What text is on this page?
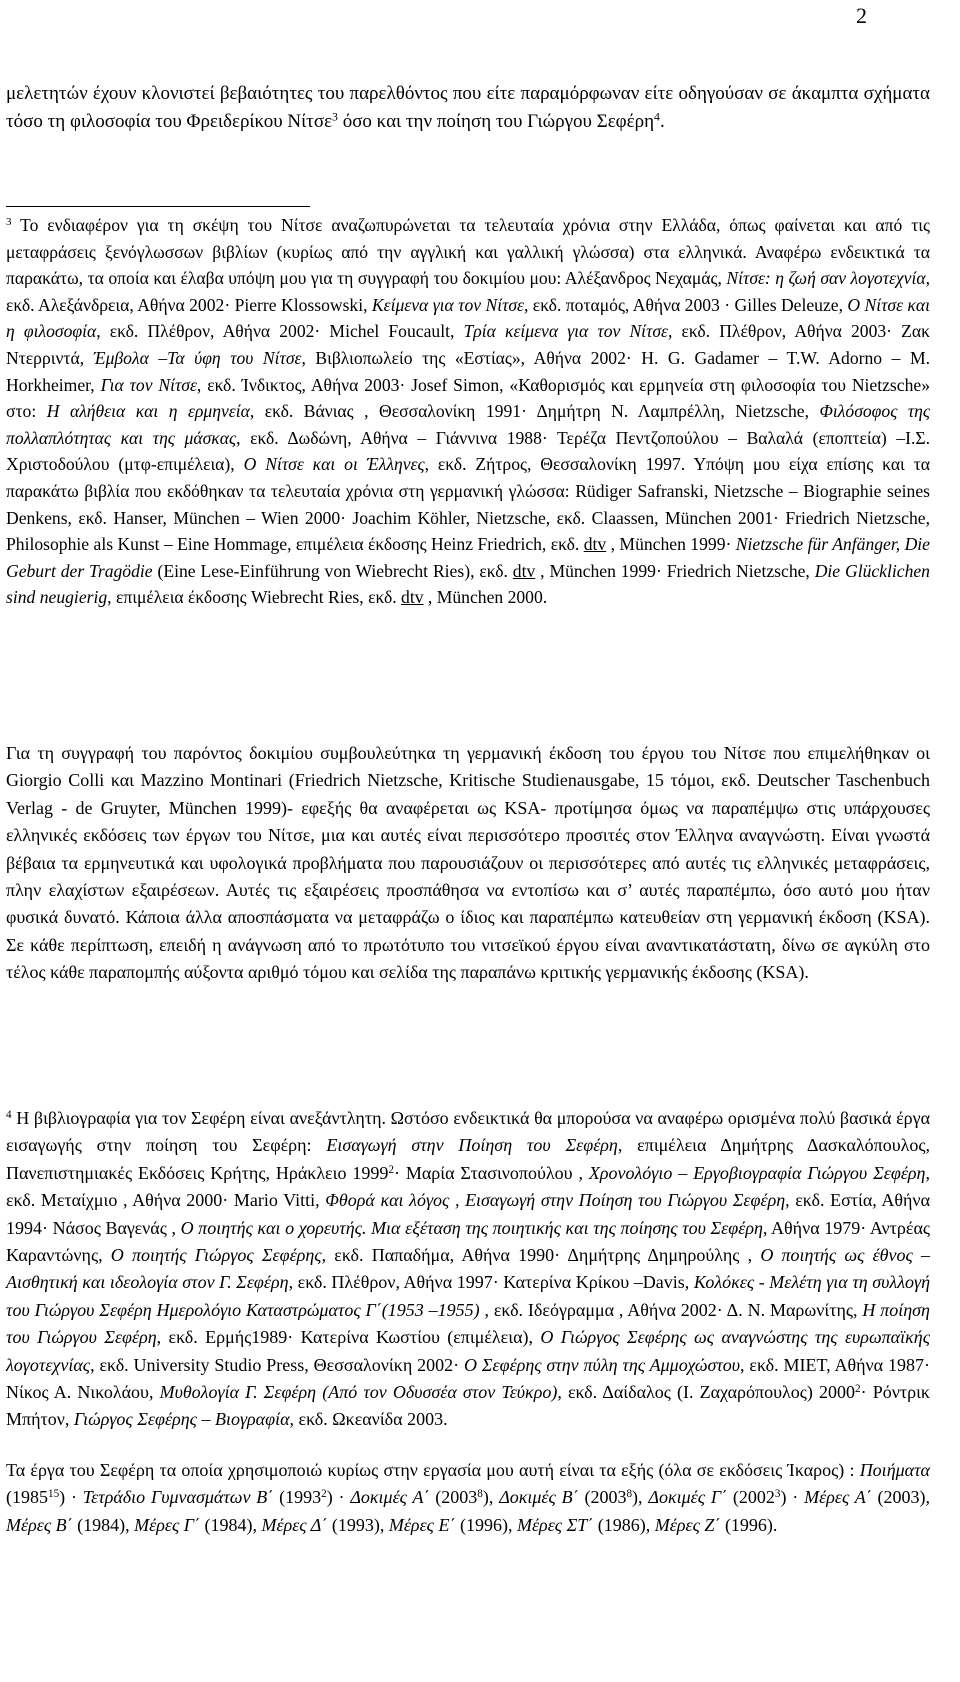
2

μελετητών έχουν κλονιστεί βεβαιότητες του παρελθόντος που είτε παραμόρφωναν είτε οδηγούσαν σε άκαμπτα σχήματα τόσο τη φιλοσοφία του Φρειδερίκου Νίτσε$^3$ όσο και την ποίηση του Γιώργου Σεφέρη$^4$.

$^3$ Το ενδιαφέρον για τη σκέψη του Νίτσε αναζωπυρώνεται τα τελευταία χρόνια στην Ελλάδα, όπως φαίνεται και από τις μεταφράσεις ξενόγλωσσων βιβλίων (κυρίως από την αγγλική και γαλλική γλώσσα) στα ελληνικά. Αναφέρω ενδεικτικά τα παρακάτω, τα οποία και έλαβα υπόψη μου για τη συγγραφή του δοκιμίου μου: Αλέξανδρος Νεχαμάς, Νίτσε: η ζωή σαν λογοτεχνία, εκδ. Αλεξάνδρεια, Αθήνα 2002· Pierre Klossowski, Κείμενα για τον Νίτσε, εκδ. ποταμός, Αθήνα 2003 · Gilles Deleuze, Ο Νίτσε και η φιλοσοφία, εκδ. Πλέθρον, Αθήνα 2002· Michel Foucault, Τρία κείμενα για τον Νίτσε, εκδ. Πλέθρον, Αθήνα 2003· Ζακ Ντερριντά, Έμβολα –Τα ύφη του Νίτσε, Βιβλιοπωλείο της «Εστίας», Αθήνα 2002· H. G. Gadamer – T.W. Adorno – M. Horkheimer, Για τον Νίτσε, εκδ. Ίνδικτος, Αθήνα 2003· Josef Simon, «Καθορισμός και ερμηνεία στη φιλοσοφία του Nietzsche» στο: Η αλήθεια και η ερμηνεία, εκδ. Βάνιας , Θεσσαλονίκη 1991· Δημήτρη Ν. Λαμπρέλλη, Nietzsche, Φιλόσοφος της πολλαπλότητας και της μάσκας, εκδ. Δωδώνη, Αθήνα – Γιάννινα 1988· Τερέζα Πεντζοπούλου – Βαλαλά (εποπτεία) –Ι.Σ. Χριστοδούλου (μτφ-επιμέλεια), Ο Νίτσε και οι Έλληνες, εκδ. Ζήτρος, Θεσσαλονίκη 1997. Υπόψη μου είχα επίσης και τα παρακάτω βιβλία που εκδόθηκαν τα τελευταία χρόνια στη γερμανική γλώσσα: Rüdiger Safranski, Nietzsche – Biographie seines Denkens, εκδ. Hanser, München – Wien 2000· Joachim Köhler, Nietzsche, εκδ. Claassen, München 2001· Friedrich Nietzsche, Philosophie als Kunst – Eine Hommage, επιμέλεια έκδοσης Heinz Friedrich, εκδ. dtv , München 1999· Nietzsche für Anfänger, Die Geburt der Tragödie (Eine Lese-Einführung von Wiebrecht Ries), εκδ. dtv , München 1999· Friedrich Nietzsche, Die Glücklichen sind neugierig, επιμέλεια έκδοσης Wiebrecht Ries, εκδ. dtv , München 2000.

Για τη συγγραφή του παρόντος δοκιμίου συμβουλεύτηκα τη γερμανική έκδοση του έργου του Νίτσε που επιμελήθηκαν οι Giorgio Colli και Mazzino Montinari (Friedrich Nietzsche, Kritische Studienausgabe, 15 τόμοι, εκδ. Deutscher Taschenbuch Verlag - de Gruyter, München 1999)- εφεξής θα αναφέρεται ως KSA- προτίμησα όμως να παραπέμψω στις υπάρχουσες ελληνικές εκδόσεις των έργων του Νίτσε, μια και αυτές είναι περισσότερο προσιτές στον Έλληνα αναγνώστη. Είναι γνωστά βέβαια τα ερμηνευτικά και υφολογικά προβλήματα που παρουσιάζουν οι περισσότερες από αυτές τις ελληνικές μεταφράσεις, πλην ελαχίστων εξαιρέσεων. Αυτές τις εξαιρέσεις προσπάθησα να εντοπίσω και σ’ αυτές παραπέμπω, όσο αυτό μου ήταν φυσικά δυνατό. Κάποια άλλα αποσπάσματα να μεταφράζω ο ίδιος και παραπέμπω κατευθείαν στη γερμανική έκδοση (KSA). Σε κάθε περίπτωση, επειδή η ανάγνωση από το πρωτότυπο του νιτσεϊκού έργου είναι αναντικατάστατη, δίνω σε αγκύλη στο τέλος κάθε παραπομπής αύξοντα αριθμό τόμου και σελίδα της παραπάνω κριτικής γερμανικής έκδοσης (KSA).

$^4$ Η βιβλιογραφία για τον Σεφέρη είναι ανεξάντλητη. Ωστόσο ενδεικτικά θα μπορούσα να αναφέρω ορισμένα πολύ βασικά έργα εισαγωγής στην ποίηση του Σεφέρη: Εισαγωγή στην Ποίηση του Σεφέρη, επιμέλεια Δημήτρης Δασκαλόπουλος, Πανεπιστημιακές Εκδόσεις Κρήτης, Ηράκλειο $1999^2\cdot M\alpha\rho ί\alpha$ Στασινοπούλου , Χρονολόγιο – Εργοβιογραφία Γιώργου Σεφέρη, εκδ. Μεταίχμιο , Αθήνα 2000· Mario Vitti, Φθορά και λόγος , Εισαγωγή στην Ποίηση του Γιώργου Σεφέρη, εκδ. Εστία, Αθήνα 1994· Νάσος Βαγενάς , Ο ποιητής και ο χορευτής. Μια εξέταση της ποιητικής και της ποίησης του Σεφέρη, Αθήνα 1979· Αντρέας Καραντώνης, Ο ποιητής Γιώργος Σεφέρης, εκδ. Παπαδήμα, Αθήνα 1990· Δημήτρης Δημηρούλης , Ο ποιητής ως έθνος – Αισθητική και ιδεολογία στον Γ. Σεφέρη, εκδ. Πλέθρον, Αθήνα 1997· Κατερίνα Κρίκου –Davis, Κολόκες - Μελέτη για τη συλλογή του Γιώργου Σεφέρη Ημερολόγιο Καταστρώματος Γ΄(1953 –1955) , εκδ. Ιδεόγραμμα , Αθήνα 2002· Δ. Ν. Μαρωνίτης, Η ποίηση του Γιώργου Σεφέρη, εκδ. Ερμής1989· Κατερίνα Κωστίου (επιμέλεια), Ο Γιώργος Σεφέρης ως αναγνώστης της ευρωπαϊκής λογοτεχνίας, εκδ. University Studio Press, Θεσσαλονίκη 2002· Ο Σεφέρης στην πύλη της Αμμοχώστου, εκδ. ΜΙΕΤ, Αθήνα 1987· Νίκος Α. Νικολάου, Μυθολογία Γ. Σεφέρη (Από τον Οδυσσέα στον Τεύκρο), εκδ. Δαίδαλος (Ι. Ζαχαρόπουλος) $2000^2\cdot Pό\nu\tau\rho\iota\kappa$ Μπήτον, Γιώργος Σεφέρης – Βιογραφία, εκδ. Ωκεανίδα 2003.

Τα έργα του Σεφέρη τα οποία χρησιμοποιώ κυρίως στην εργασία μου αυτή είναι τα εξής (όλα σε εκδόσεις Ίκαρος) : Ποιήματα $(1985^{15}) \cdot T\varepsilon\tau\rho ά\delta\iota o$ Γυμνασμάτων Β΄ $(1993^2) \cdot \Delta o\kappa\iota\mu έ\varsigma$ Α΄ (2003$^8$), Δοκιμές Β΄ (2003$^8$), Δοκιμές Γ΄ $(2002^3) \cdot Mέ\rho\varepsilon\varsigma$ Α΄ (2003), Μέρες Β΄ (1984), Μέρες Γ΄ (1984), Μέρες Δ΄ (1993), Μέρες Ε΄ (1996), Μέρες ΣΤ΄ (1986), Μέρες Ζ΄ (1996).
